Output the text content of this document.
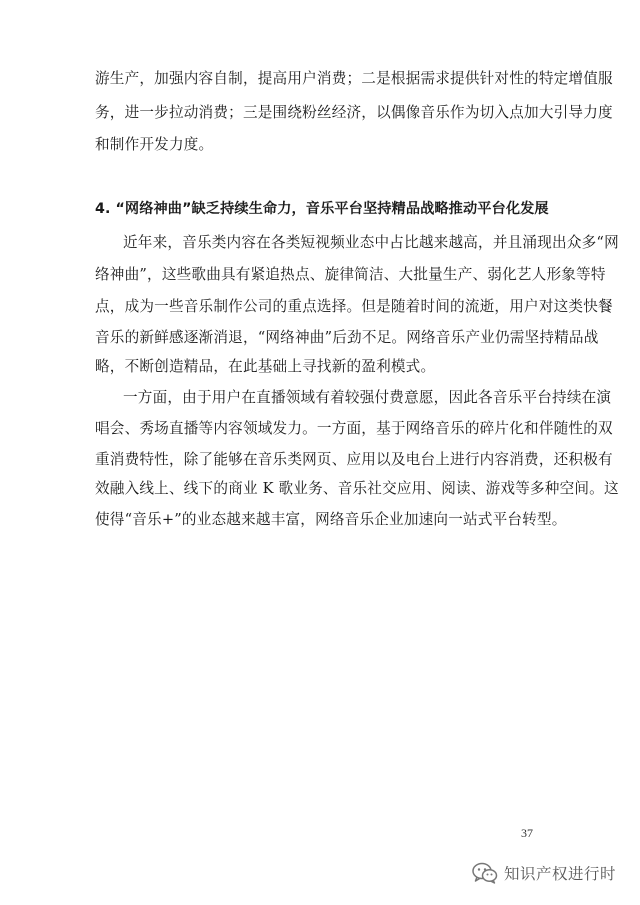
游生产，加强内容自制，提高用户消费；二是根据需求提供针对性的特定增值服
务，进一步拉动消费；三是围绕粉丝经济，以偶像音乐作为切入点加大引导力度
和制作开发力度。
4. “网络神曲”缺乏持续生命力，音乐平台坚持精品战略推动平台化发展
近年来，音乐类内容在各类短视频业态中占比越来越高，并且涌现出众多“网
络神曲”，这些歌曲具有紧追热点、旋律简洁、大批量生产、弱化艺人形象等特
点，成为一些音乐制作公司的重点选择。但是随着时间的流逝，用户对这类快餐
音乐的新鲜感逐渐消退，“网络神曲”后劲不足。网络音乐产业仍需坚持精品战
略，不断创造精品，在此基础上寻找新的盈利模式。
一方面，由于用户在直播领域有着较强付费意愿，因此各音乐平台持续在演
唱会、秀场直播等内容领域发力。一方面，基于网络音乐的碎片化和伴随性的双
重消费特性，除了能够在音乐类网页、应用以及电台上进行内容消费，还积极有
效融入线上、线下的商业 K 歌业务、音乐社交应用、阅读、游戏等多种空间。这
使得“音乐+”的业态越来越丰富，网络音乐企业加速向一站式平台转型。
37
知识产权进行时
